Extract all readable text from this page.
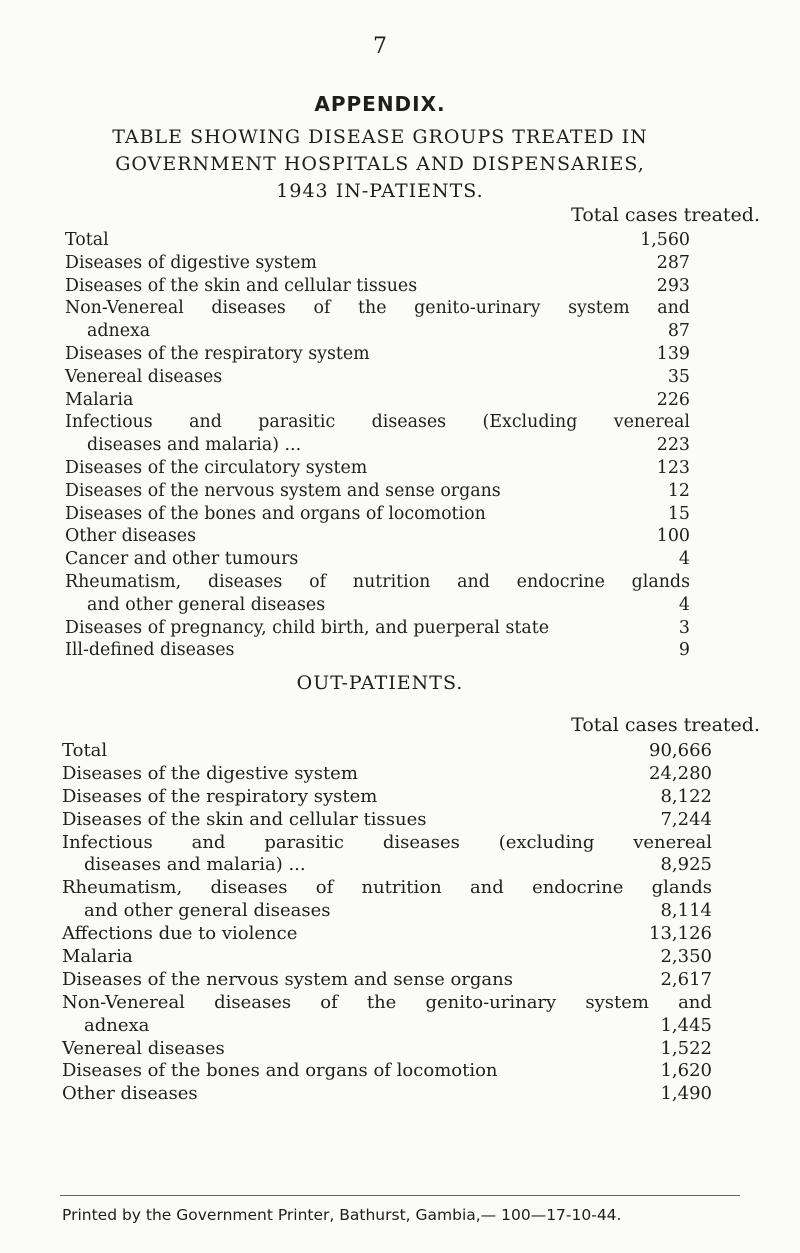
7
APPENDIX.
TABLE SHOWING DISEASE GROUPS TREATED IN
GOVERNMENT HOSPITALS AND DISPENSARIES,
1943 IN-PATIENTS.
Total cases treated.
Total	1,560
Diseases of digestive system	287
Diseases of the skin and cellular tissues	293
Non-Venereal diseases of the genito-urinary system and
adnexa	87
Diseases of the respiratory system	139
Venereal diseases	35
Malaria	226
Infectious and parasitic diseases (Excluding venereal
diseases and malaria) ...	223
Diseases of the circulatory system	123
Diseases of the nervous system and sense organs	12
Diseases of the bones and organs of locomotion	15
Other diseases	100
Cancer and other tumours	4
Rheumatism, diseases of nutrition and endocrine glands
and other general diseases	4
Diseases of pregnancy, child birth, and puerperal state	3
Ill-defined diseases	9
OUT-PATIENTS.
Total cases treated.
Total	90,666
Diseases of the digestive system	24,280
Diseases of the respiratory system	8,122
Diseases of the skin and cellular tissues	7,244
Infectious and parasitic diseases (excluding venereal
diseases and malaria) ...	8,925
Rheumatism, diseases of nutrition and endocrine glands
and other general diseases	8,114
Affections due to violence	13,126
Malaria	2,350
Diseases of the nervous system and sense organs	2,617
Non-Venereal diseases of the genito-urinary system and
adnexa	1,445
Venereal diseases	1,522
Diseases of the bones and organs of locomotion	1,620
Other diseases	1,490
Printed by the Government Printer, Bathurst, Gambia,— 100—17-10-44.
